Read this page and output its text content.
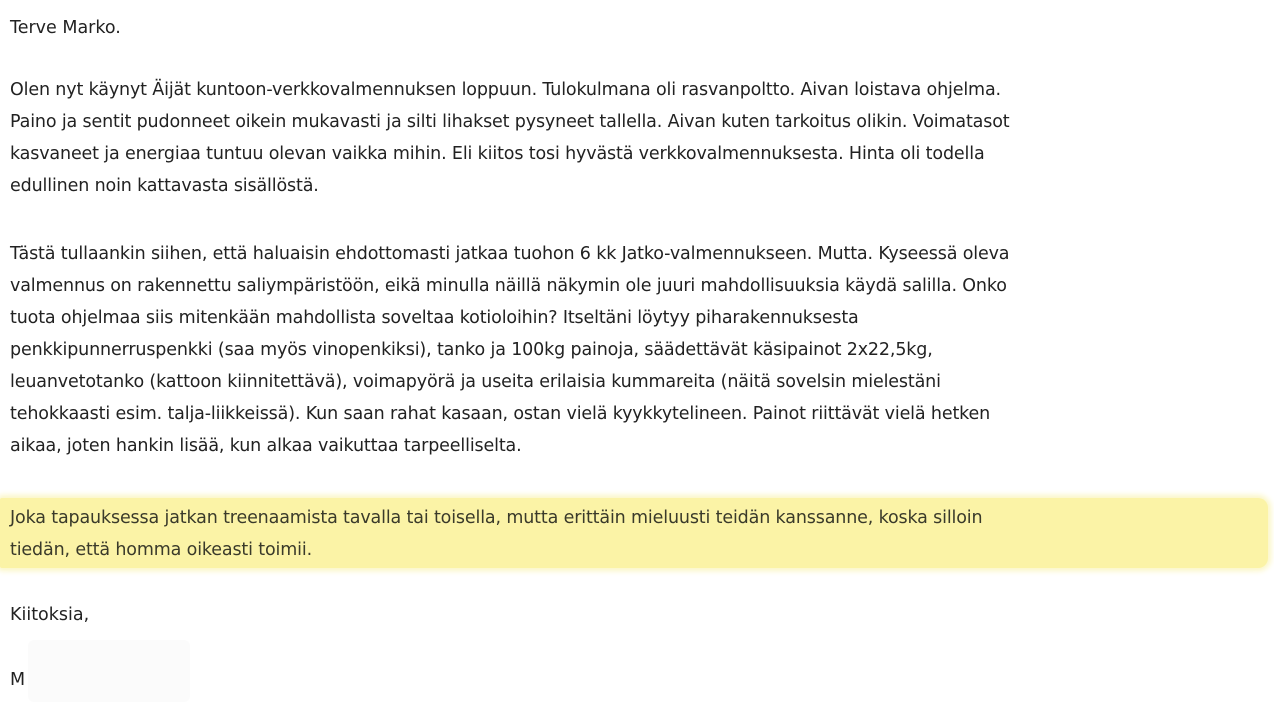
Terve Marko.

Olen nyt käynyt Äijät kuntoon-verkkovalmennuksen loppuun. Tulokulmana oli rasvanpoltto. Aivan loistava ohjelma.
Paino ja sentit pudonneet oikein mukavasti ja silti lihakset pysyneet tallella. Aivan kuten tarkoitus olikin. Voimatasot
kasvaneet ja energiaa tuntuu olevan vaikka mihin. Eli kiitos tosi hyvästä verkkovalmennuksesta. Hinta oli todella
edullinen noin kattavasta sisällöstä.

Tästä tullaankin siihen, että haluaisin ehdottomasti jatkaa tuohon 6 kk Jatko-valmennukseen. Mutta. Kyseessä oleva
valmennus on rakennettu saliympäristöön, eikä minulla näillä näkymin ole juuri mahdollisuuksia käydä salilla. Onko
tuota ohjelmaa siis mitenkään mahdollista soveltaa kotioloihin? Itseltäni löytyy piharakennuksesta
penkkipunnerruspenkki (saa myös vinopenkiksi), tanko ja 100kg painoja, säädettävät käsipainot 2x22,5kg,
leuanvetotanko (kattoon kiinnitettävä), voimapyörä ja useita erilaisia kummareita (näitä sovelsin mielestäni
tehokkaasti esim. talja-liikkeissä). Kun saan rahat kasaan, ostan vielä kyykkytelineen. Painot riittävät vielä hetken
aikaa, joten hankin lisää, kun alkaa vaikuttaa tarpeelliselta.

Joka tapauksessa jatkan treenaamista tavalla tai toisella, mutta erittäin mieluusti teidän kanssanne, koska silloin
tiedän, että homma oikeasti toimii.

Kiitoksia,

M
